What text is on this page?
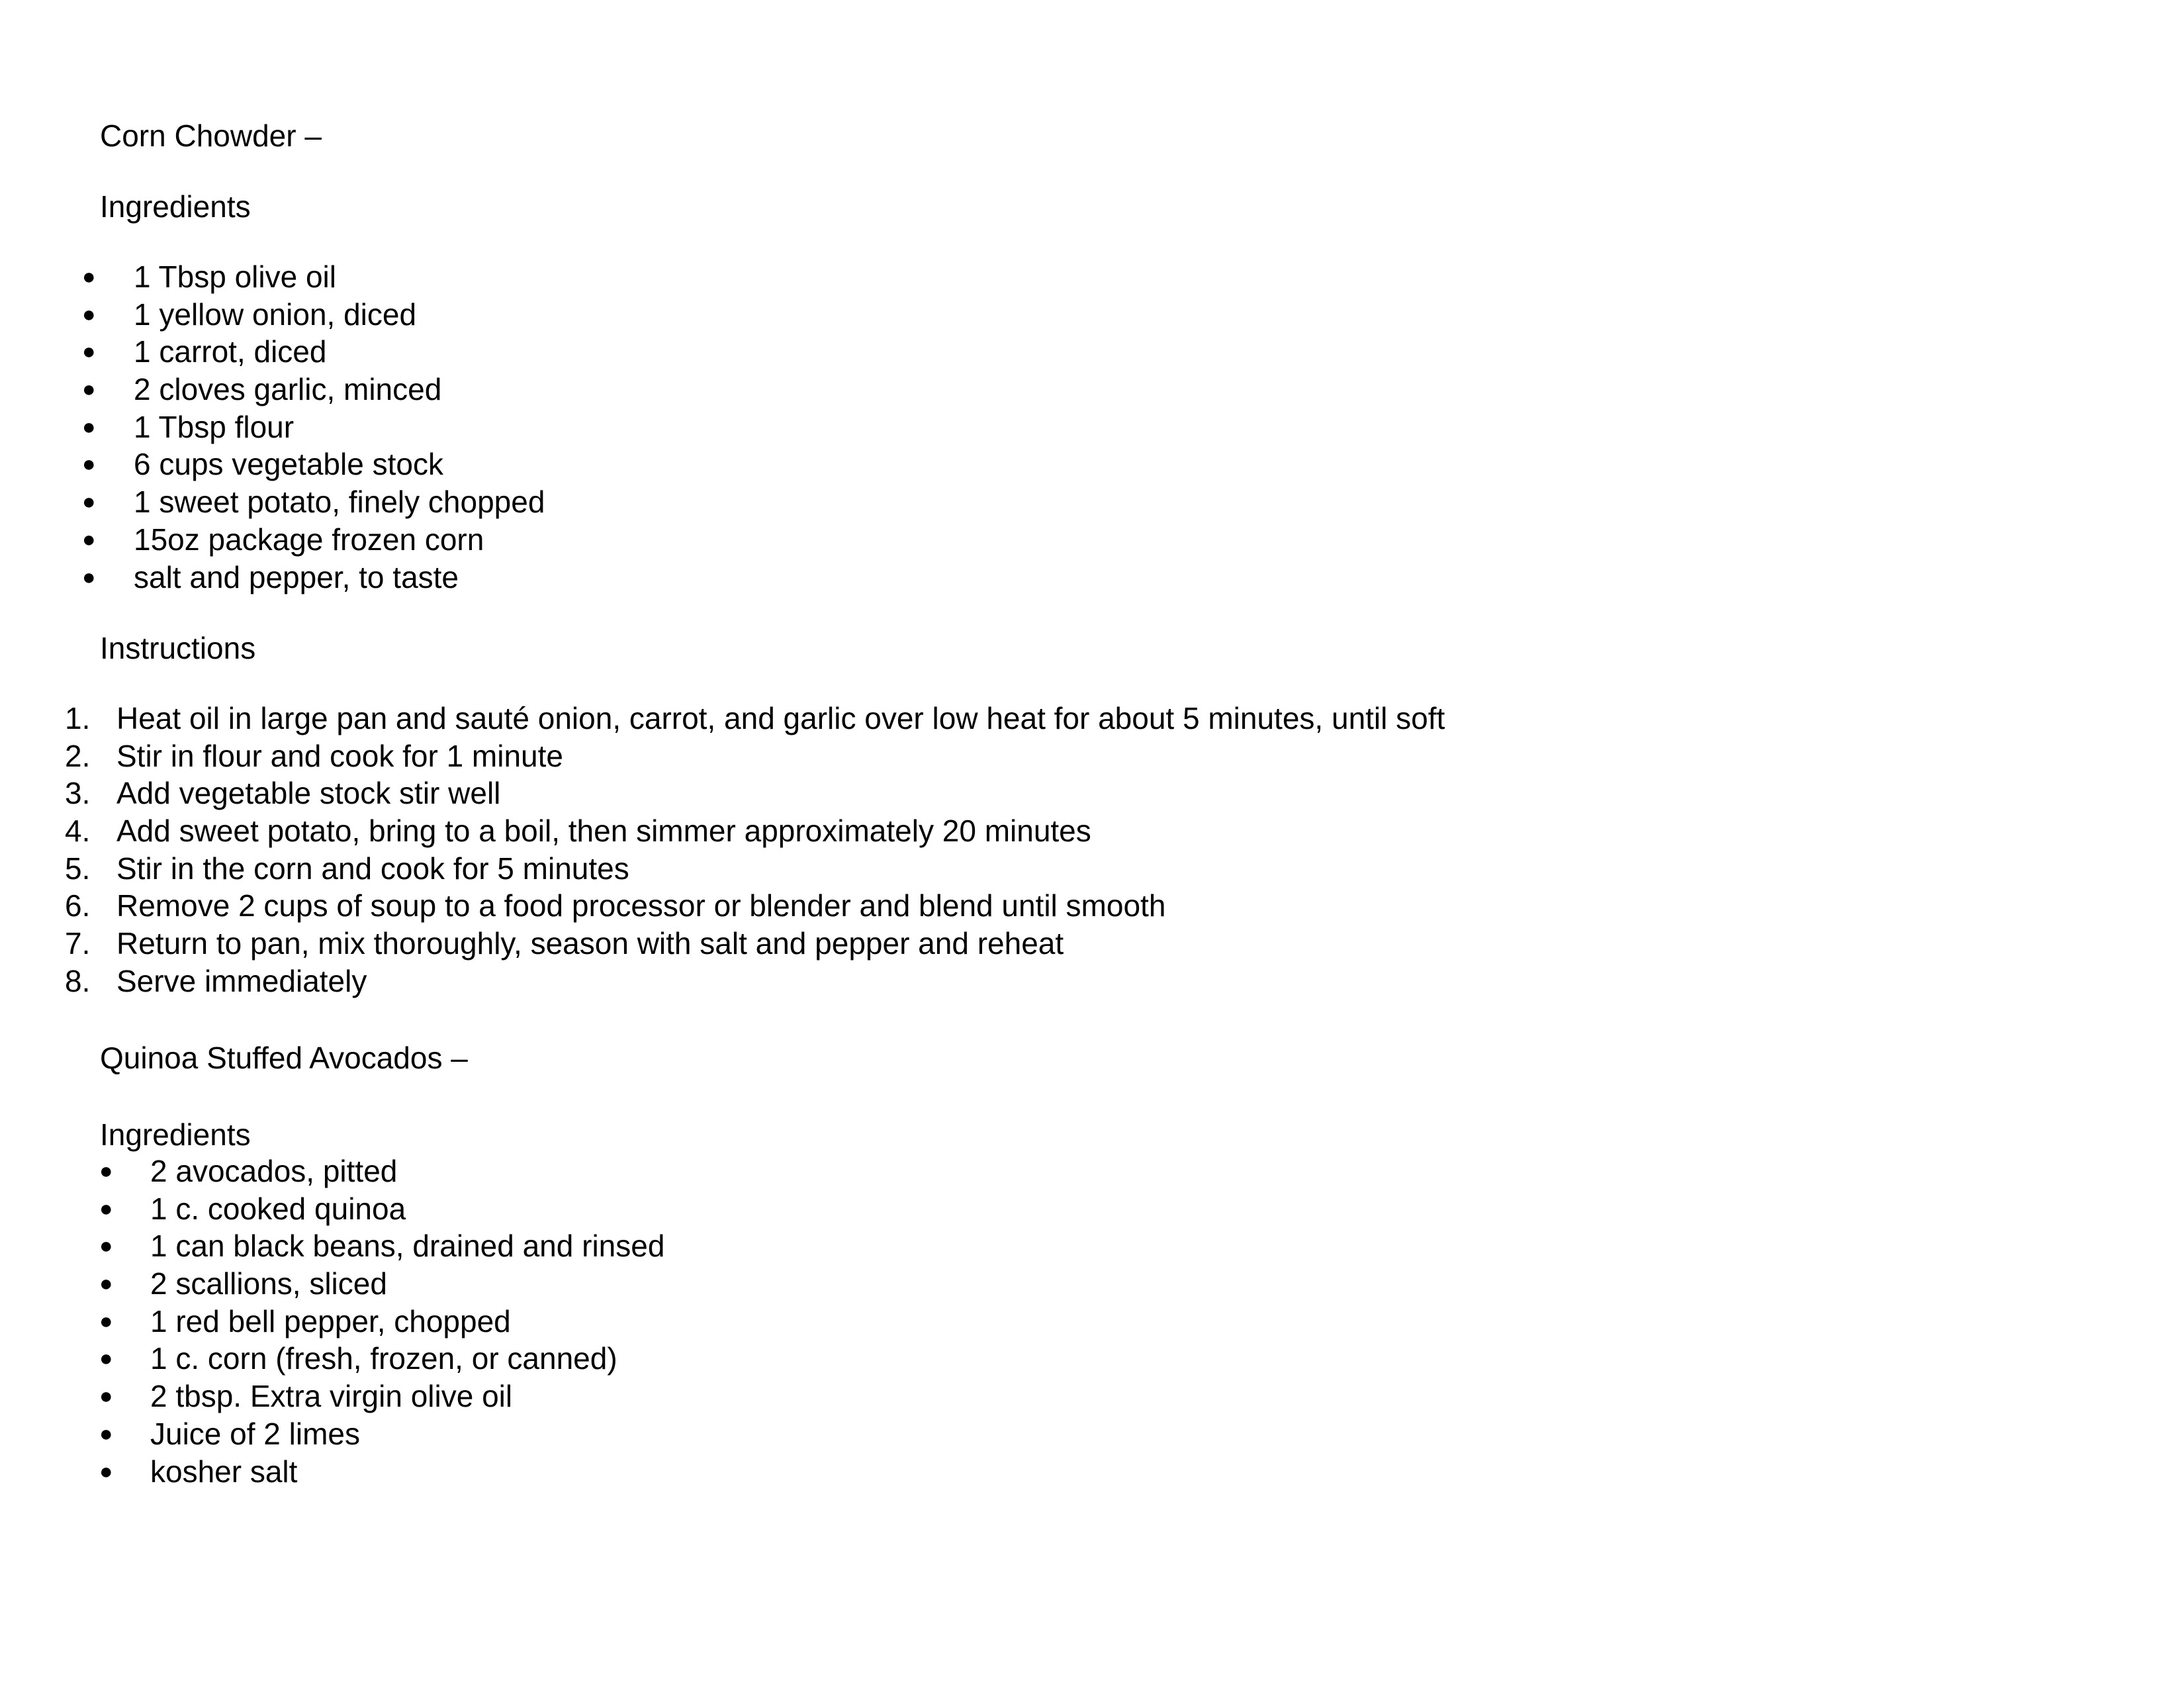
Corn Chowder –
Ingredients
● 1 Tbsp olive oil
● 1 yellow onion, diced
● 1 carrot, diced
● 2 cloves garlic, minced
● 1 Tbsp flour
● 6 cups vegetable stock
● 1 sweet potato, finely chopped
● 15oz package frozen corn
● salt and pepper, to taste
Instructions
1. Heat oil in large pan and sauté onion, carrot, and garlic over low heat for about 5 minutes, until soft
2. Stir in flour and cook for 1 minute
3. Add vegetable stock stir well
4. Add sweet potato, bring to a boil, then simmer approximately 20 minutes
5. Stir in the corn and cook for 5 minutes
6. Remove 2 cups of soup to a food processor or blender and blend until smooth
7. Return to pan, mix thoroughly, season with salt and pepper and reheat
8. Serve immediately
Quinoa Stuffed Avocados –
Ingredients
● 2 avocados, pitted
● 1 c. cooked quinoa
● 1 can black beans, drained and rinsed
● 2 scallions, sliced
● 1 red bell pepper, chopped
● 1 c. corn (fresh, frozen, or canned)
● 2 tbsp. Extra virgin olive oil
● Juice of 2 limes
● kosher salt
